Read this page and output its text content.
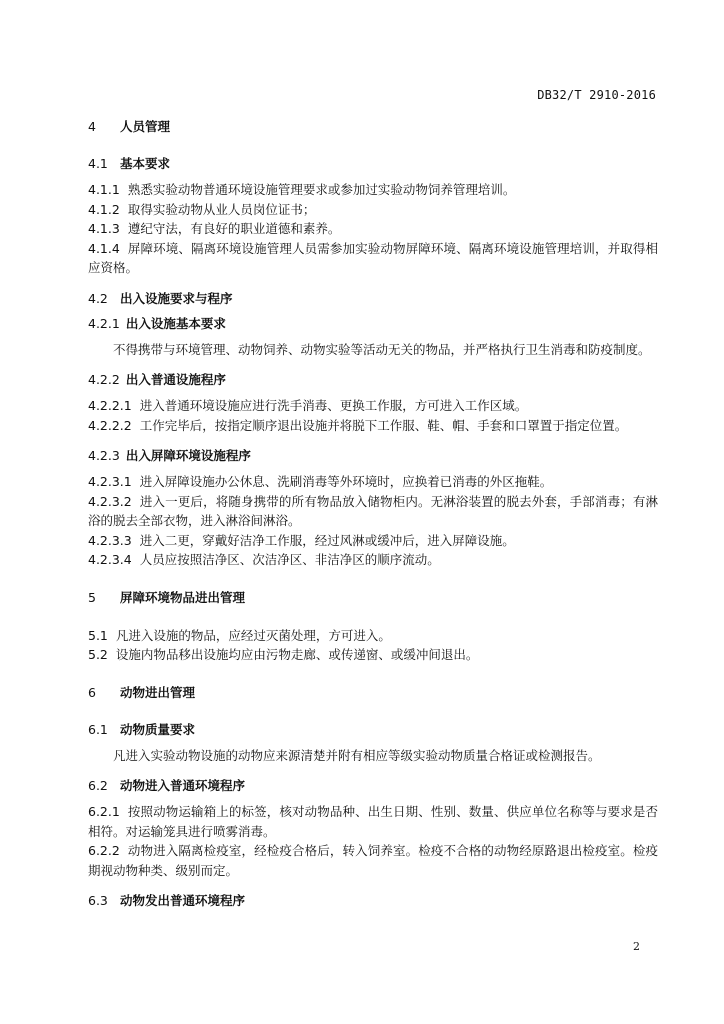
DB32/T 2910-2016
4 人员管理
4.1 基本要求

4.1.1 熟悉实验动物普通环境设施管理要求或参加过实验动物饲养管理培训。

4.1.2 取得实验动物从业人员岗位证书；

4.1.3 遵纪守法，有良好的职业道德和素养。

4.1.4 屏障环境、隔离环境设施管理人员需参加实验动物屏障环境、隔离环境设施管理培训，并取得相应资格。

4.2 出入设施要求与程序
4.2.1 出入设施基本要求

不得携带与环境管理、动物饲养、动物实验等活动无关的物品，并严格执行卫生消毒和防疫制度。

4.2.2 出入普通设施程序

4.2.2.1 进入普通环境设施应进行洗手消毒、更换工作服，方可进入工作区域。

4.2.2.2 工作完毕后，按指定顺序退出设施并将脱下工作服、鞋、帽、手套和口罩置于指定位置。

4.2.3 出入屏障环境设施程序

4.2.3.1 进入屏障设施办公休息、洗刷消毒等外环境时，应换着已消毒的外区拖鞋。

4.2.3.2 进入一更后，将随身携带的所有物品放入储物柜内。无淋浴装置的脱去外套，手部消毒；有淋浴的脱去全部衣物，进入淋浴间淋浴。

4.2.3.3 进入二更，穿戴好洁净工作服，经过风淋或缓冲后，进入屏障设施。

4.2.3.4 人员应按照洁净区、次洁净区、非洁净区的顺序流动。

5 屏障环境物品进出管理

5.1 凡进入设施的物品，应经过灭菌处理，方可进入。

5.2 设施内物品移出设施均应由污物走廊、或传递窗、或缓冲间退出。

6 动物进出管理
6.1 动物质量要求

凡进入实验动物设施的动物应来源清楚并附有相应等级实验动物质量合格证或检测报告。

6.2 动物进入普通环境程序

6.2.1 按照动物运输箱上的标签，核对动物品种、出生日期、性别、数量、供应单位名称等与要求是否相符。对运输笼具进行喷雾消毒。

6.2.2 动物进入隔离检疫室，经检疫合格后，转入饲养室。检疫不合格的动物经原路退出检疫室。检疫期视动物种类、级别而定。

6.3 动物发出普通环境程序
2
